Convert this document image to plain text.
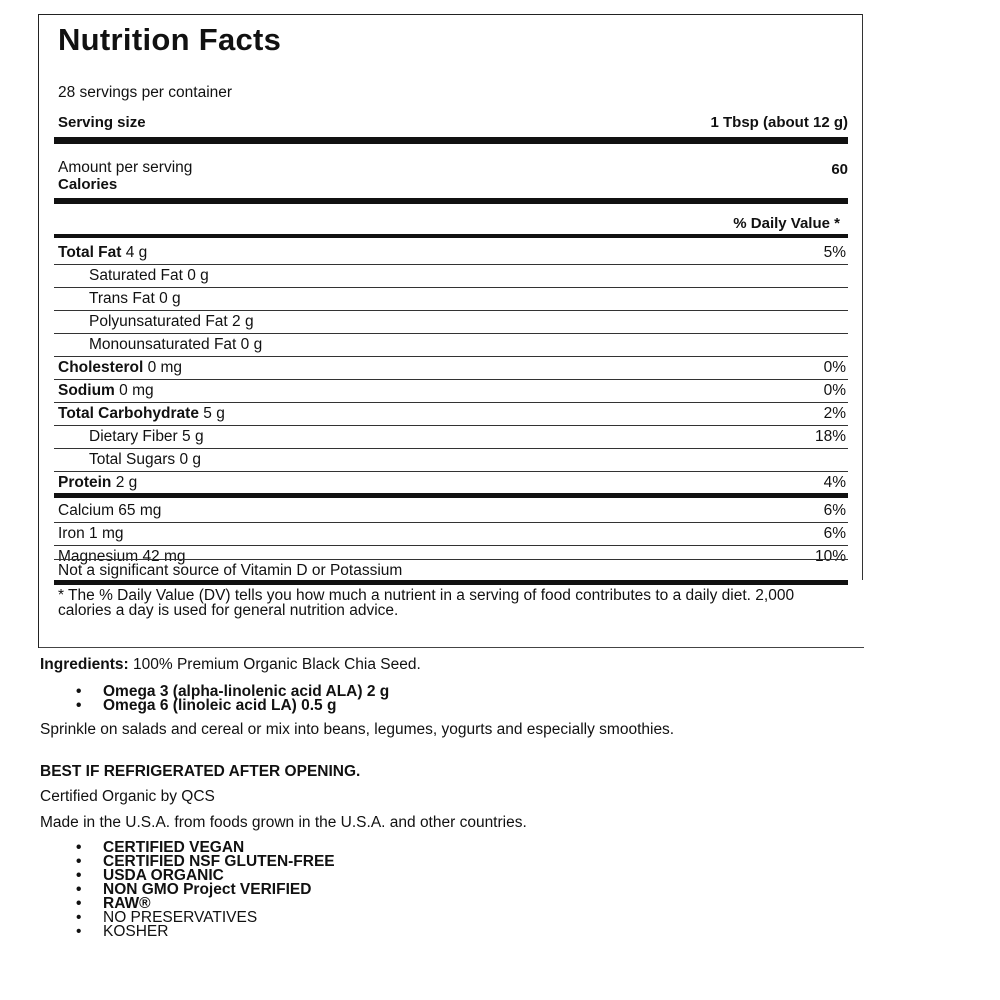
Nutrition Facts
28 servings per container
Serving size	1 Tbsp (about 12 g)
Amount per serving
Calories
60
% Daily Value *
Total Fat 4 g	5%
Saturated Fat 0 g
Trans Fat 0 g
Polyunsaturated Fat 2 g
Monounsaturated Fat 0 g
Cholesterol 0 mg	0%
Sodium 0 mg	0%
Total Carbohydrate 5 g	2%
Dietary Fiber 5 g	18%
Total Sugars 0 g
Protein 2 g	4%
Calcium 65 mg	6%
Iron 1 mg	6%
Magnesium 42 mg	10%
Not a significant source of Vitamin D or Potassium
* The % Daily Value (DV) tells you how much a nutrient in a serving of food contributes to a daily diet. 2,000 calories a day is used for general nutrition advice.
Ingredients: 100% Premium Organic Black Chia Seed.
• Omega 3 (alpha-linolenic acid ALA) 2 g
• Omega 6 (linoleic acid LA) 0.5 g
Sprinkle on salads and cereal or mix into beans, legumes, yogurts and especially smoothies.
BEST IF REFRIGERATED AFTER OPENING.
Certified Organic by QCS
Made in the U.S.A. from foods grown in the U.S.A. and other countries.
• CERTIFIED VEGAN
• CERTIFIED NSF GLUTEN-FREE
• USDA ORGANIC
• NON GMO Project VERIFIED
• RAW®
• NO PRESERVATIVES
• KOSHER
